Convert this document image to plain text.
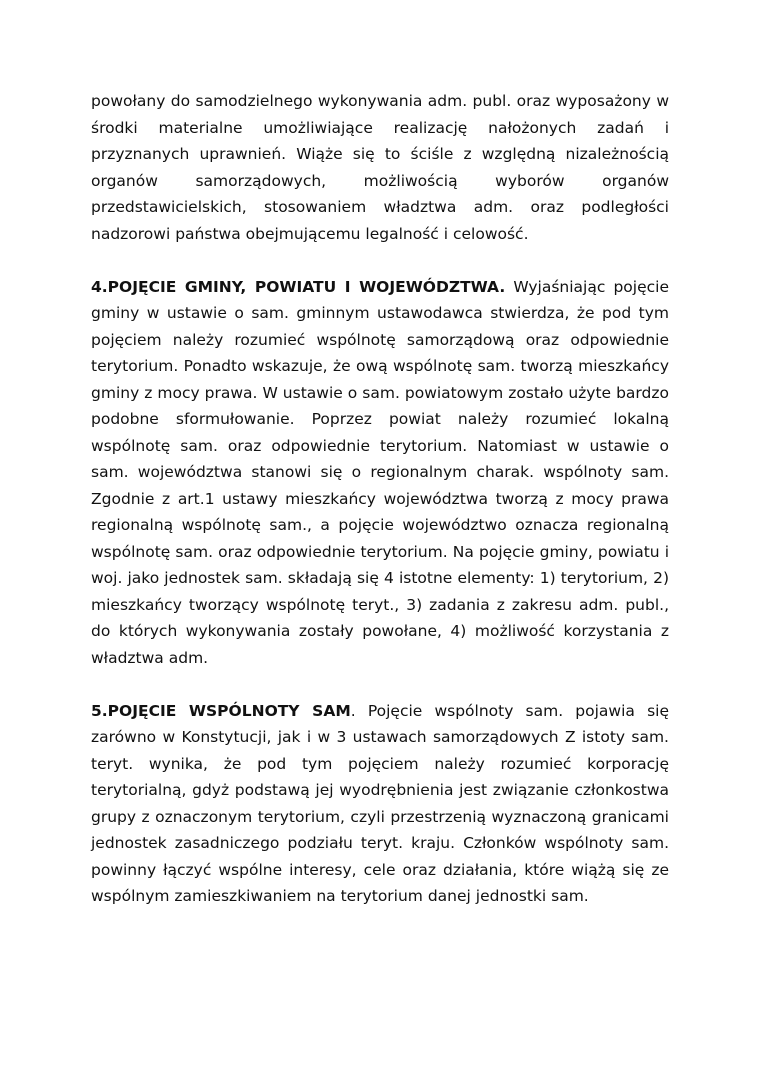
powołany do samodzielnego wykonywania adm. publ. oraz wyposażony w środki materialne umożliwiające realizację nałożonych zadań i przyznanych uprawnień. Wiąże się to ściśle z względną nizależnością organów samorządowych, możliwością wyborów organów przedstawicielskich, stosowaniem władztwa adm. oraz podległości nadzorowi państwa obejmującemu legalność i celowość.

4.POJĘCIE GMINY, POWIATU I WOJEWÓDZTWA. Wyjaśniając pojęcie gminy w ustawie o sam. gminnym ustawodawca stwierdza, że pod tym pojęciem należy rozumieć wspólnotę samorządową oraz odpowiednie terytorium. Ponadto wskazuje, że ową wspólnotę sam. tworzą mieszkańcy gminy z mocy prawa. W ustawie o sam. powiatowym zostało użyte bardzo podobne sformułowanie. Poprzez powiat należy rozumieć lokalną wspólnotę sam. oraz odpowiednie terytorium. Natomiast w ustawie o sam. województwa stanowi się o regionalnym charak. wspólnoty sam. Zgodnie z art.1 ustawy mieszkańcy województwa tworzą z mocy prawa regionalną wspólnotę sam., a pojęcie województwo oznacza regionalną wspólnotę sam. oraz odpowiednie terytorium. Na pojęcie gminy, powiatu i woj. jako jednostek sam. składają się 4 istotne elementy: 1) terytorium, 2) mieszkańcy tworzący wspólnotę teryt., 3) zadania z zakresu adm. publ., do których wykonywania zostały powołane, 4) możliwość korzystania z władztwa adm.

5.POJĘCIE WSPÓLNOTY SAM. Pojęcie wspólnoty sam. pojawia się zarówno w Konstytucji, jak i w 3 ustawach samorządowych Z istoty sam. teryt. wynika, że pod tym pojęciem należy rozumieć korporację terytorialną, gdyż podstawą jej wyodrębnienia jest związanie członkostwa grupy z oznaczonym terytorium, czyli przestrzenią wyznaczoną granicami jednostek zasadniczego podziału teryt. kraju. Członków wspólnoty sam. powinny łączyć wspólne interesy, cele oraz działania, które wiążą się ze wspólnym zamieszkiwaniem na terytorium danej jednostki sam.
